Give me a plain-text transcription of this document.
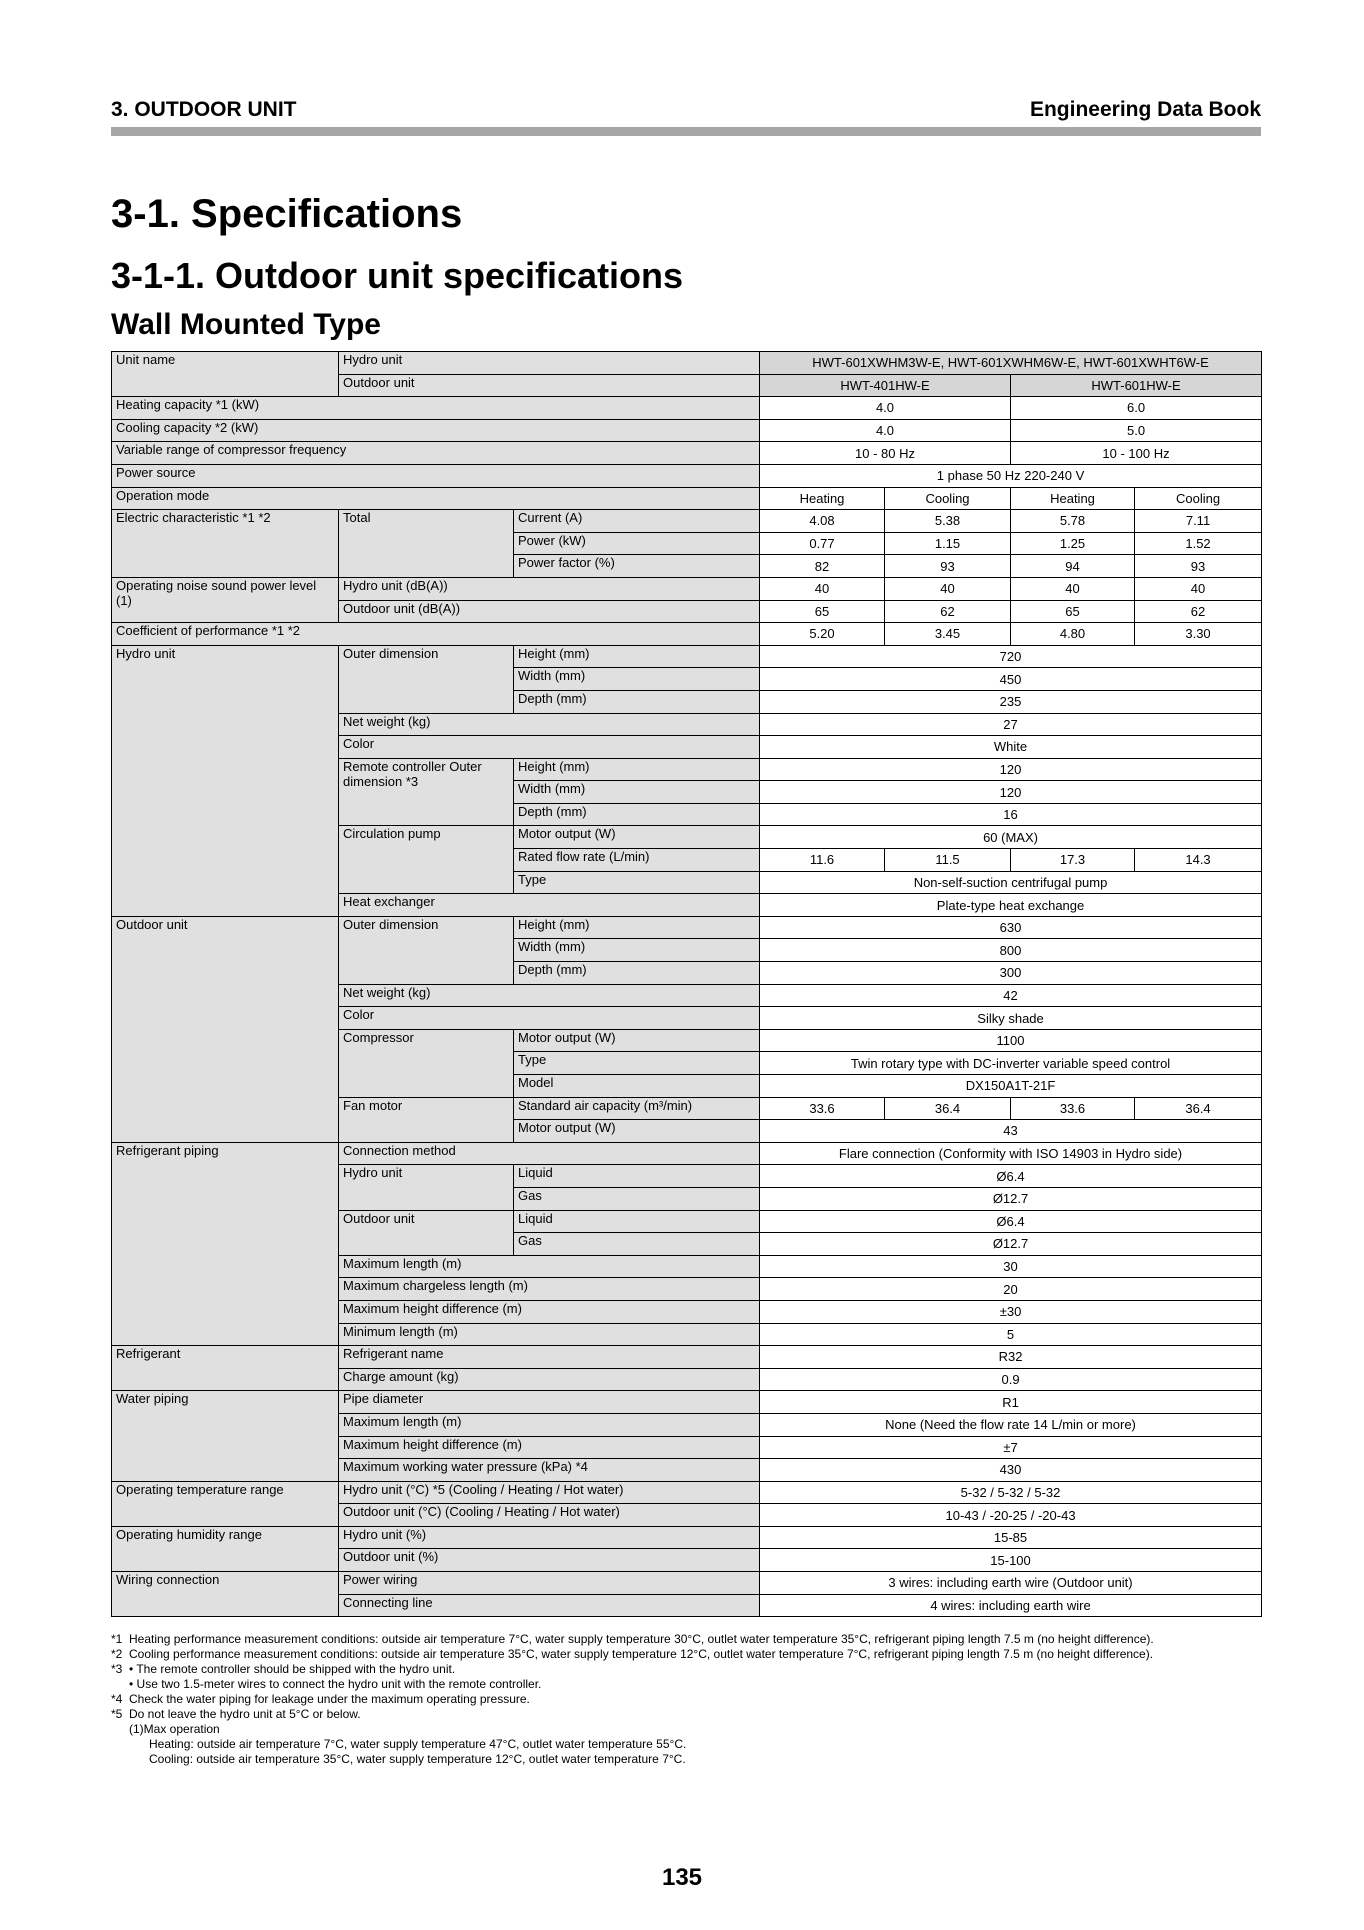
3. OUTDOOR UNIT	Engineering Data Book
3-1. Specifications
3-1-1. Outdoor unit specifications
Wall Mounted Type
Unit name	Hydro unit		HWT-601XWHM3W-E, HWT-601XWHM6W-E, HWT-601XWHT6W-E			
	Outdoor unit		HWT-401HW-E		HWT-601HW-E	
Heating capacity *1 (kW)			4.0		6.0	
Cooling capacity *2 (kW)			4.0		5.0	
Variable range of compressor frequency			10 - 80 Hz		10 - 100 Hz	
Power source			1 phase 50 Hz 220-240 V			
Operation mode			Heating	Cooling	Heating	Cooling
Electric characteristic *1 *2	Total	Current (A)	4.08	5.38	5.78	7.11
		Power (kW)	0.77	1.15	1.25	1.52
		Power factor (%)	82	93	94	93
Operating noise sound power level (1)	Hydro unit (dB(A))		40	40	40	40
	Outdoor unit (dB(A))		65	62	65	62
Coefficient of performance *1 *2			5.20	3.45	4.80	3.30
Hydro unit	Outer dimension	Height (mm)	720			
		Width (mm)	450			
		Depth (mm)	235			
	Net weight (kg)		27			
	Color		White			
	Remote controller Outer dimension *3	Height (mm)	120			
		Width (mm)	120			
		Depth (mm)	16			
	Circulation pump	Motor output (W)	60 (MAX)			
		Rated flow rate (L/min)	11.6	11.5	17.3	14.3
		Type	Non-self-suction centrifugal pump			
	Heat exchanger		Plate-type heat exchange			
Outdoor unit	Outer dimension	Height (mm)	630			
		Width (mm)	800			
		Depth (mm)	300			
	Net weight (kg)		42			
	Color		Silky shade			
	Compressor	Motor output (W)	1100			
		Type	Twin rotary type with DC-inverter variable speed control			
		Model	DX150A1T-21F			
	Fan motor	Standard air capacity (m³/min)	33.6	36.4	33.6	36.4
		Motor output (W)	43			
Refrigerant piping	Connection method		Flare connection (Conformity with ISO 14903 in Hydro side)			
	Hydro unit	Liquid	Ø6.4			
		Gas	Ø12.7			
	Outdoor unit	Liquid	Ø6.4			
		Gas	Ø12.7			
	Maximum length (m)		30			
	Maximum chargeless length (m)		20			
	Maximum height difference (m)		±30			
	Minimum length (m)		5			
Refrigerant	Refrigerant name		R32			
	Charge amount (kg)		0.9			
Water piping	Pipe diameter		R1			
	Maximum length (m)		None (Need the flow rate 14 L/min or more)			
	Maximum height difference (m)		±7			
	Maximum working water pressure (kPa) *4		430			
Operating temperature range	Hydro unit (°C) *5 (Cooling / Heating / Hot water)		5-32 / 5-32 / 5-32			
	Outdoor unit (°C) (Cooling / Heating / Hot water)		10-43 / -20-25 / -20-43			
Operating humidity range	Hydro unit (%)		15-85			
	Outdoor unit (%)		15-100			
Wiring connection	Power wiring		3 wires: including earth wire (Outdoor unit)			
	Connecting line		4 wires: including earth wire			
*1 Heating performance measurement conditions: outside air temperature 7°C, water supply temperature 30°C, outlet water temperature 35°C, refrigerant piping length 7.5 m (no height difference).
*2 Cooling performance measurement conditions: outside air temperature 35°C, water supply temperature 12°C, outlet water temperature 7°C, refrigerant piping length 7.5 m (no height difference).
*3 • The remote controller should be shipped with the hydro unit.
• Use two 1.5-meter wires to connect the hydro unit with the remote controller.
*4 Check the water piping for leakage under the maximum operating pressure.
*5 Do not leave the hydro unit at 5°C or below.
(1)Max operation
Heating: outside air temperature 7°C, water supply temperature 47°C, outlet water temperature 55°C.
Cooling: outside air temperature 35°C, water supply temperature 12°C, outlet water temperature 7°C.
135
